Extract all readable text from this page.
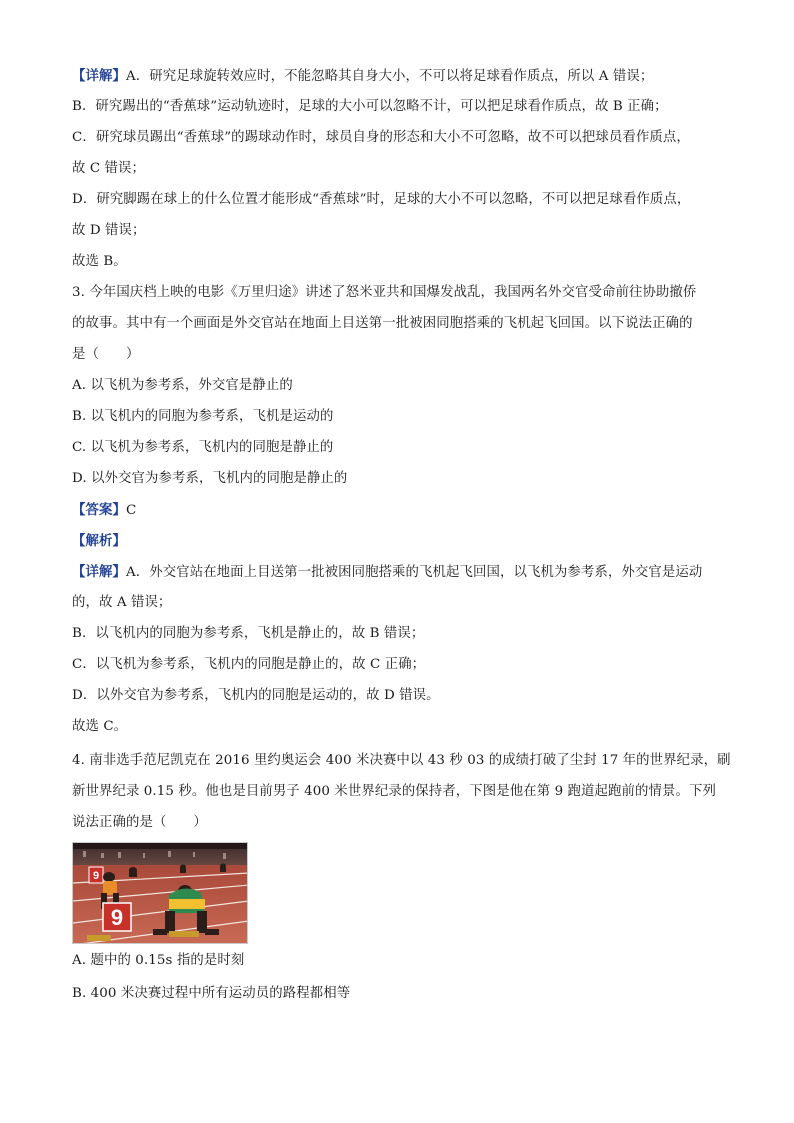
【详解】A．研究足球旋转效应时，不能忽略其自身大小，不可以将足球看作质点，所以 A 错误；
B．研究踢出的“香蕉球”运动轨迹时，足球的大小可以忽略不计，可以把足球看作质点，故 B 正确；
C．研究球员踢出“香蕉球”的踢球动作时，球员自身的形态和大小不可忽略，故不可以把球员看作质点，
故 C 错误；
D．研究脚踢在球上的什么位置才能形成“香蕉球”时，足球的大小不可以忽略，不可以把足球看作质点，
故 D 错误；
故选 B。
3. 今年国庆档上映的电影《万里归途》讲述了怒米亚共和国爆发战乱，我国两名外交官受命前往协助撤侨
的故事。其中有一个画面是外交官站在地面上目送第一批被困同胞搭乘的飞机起飞回国。以下说法正确的
是（　　）
A. 以飞机为参考系，外交官是静止的
B. 以飞机内的同胞为参考系，飞机是运动的
C. 以飞机为参考系，飞机内的同胞是静止的
D. 以外交官为参考系，飞机内的同胞是静止的
【答案】C
【解析】
【详解】A．外交官站在地面上目送第一批被困同胞搭乘的飞机起飞回国，以飞机为参考系，外交官是运动
的，故 A 错误；
B．以飞机内的同胞为参考系，飞机是静止的，故 B 错误；
C．以飞机为参考系，飞机内的同胞是静止的，故 C 正确；
D．以外交官为参考系，飞机内的同胞是运动的，故 D 错误。
故选 C。
4. 南非选手范尼凯克在 2016 里约奥运会 400 米决赛中以 43 秒 03 的成绩打破了尘封 17 年的世界纪录，刷
新世界纪录 0.15 秒。他也是目前男子 400 米世界纪录的保持者，下图是他在第 9 跑道起跑前的情景。下列
说法正确的是（　　）
9
9
A. 题中的 0.15s 指的是时刻
B. 400 米决赛过程中所有运动员的路程都相等
